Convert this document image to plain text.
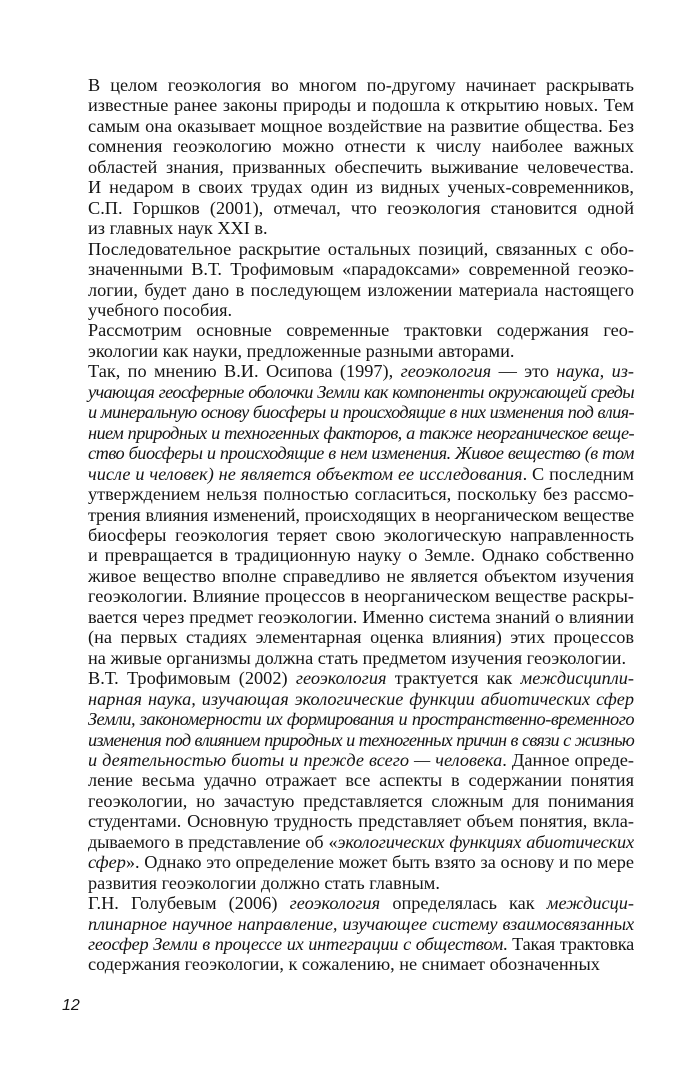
В целом геоэкология во многом по-другому начинает раскрывать
известные ранее законы природы и подошла к открытию новых. Тем
самым она оказывает мощное воздействие на развитие общества. Без
сомнения геоэкологию можно отнести к числу наиболее важных
областей знания, призванных обеспечить выживание человечества.
И недаром в своих трудах один из видных ученых-современников,
С.П. Горшков (2001), отмечал, что геоэкология становится одной
из главных наук XXI в.

Последовательное раскрытие остальных позиций, связанных с обо-
значенными В.Т. Трофимовым «парадоксами» современной геоэко-
логии, будет дано в последующем изложении материала настоящего
учебного пособия.

Рассмотрим основные современные трактовки содержания гео-
экологии как науки, предложенные разными авторами.

Так, по мнению В.И. Осипова (1997), геоэкология — это наука, из-
учающая геосферные оболочки Земли как компоненты окружающей среды
и минеральную основу биосферы и происходящие в них изменения под влия-
нием природных и техногенных факторов, а также неорганическое веще-
ство биосферы и происходящие в нем изменения. Живое вещество (в том
числе и человек) не является объектом ее исследования. С последним
утверждением нельзя полностью согласиться, поскольку без рассмо-
трения влияния изменений, происходящих в неорганическом веществе
биосферы геоэкология теряет свою экологическую направленность
и превращается в традиционную науку о Земле. Однако собственно
живое вещество вполне справедливо не является объектом изучения
геоэкологии. Влияние процессов в неорганическом веществе раскры-
вается через предмет геоэкологии. Именно система знаний о влиянии
(на первых стадиях элементарная оценка влияния) этих процессов
на живые организмы должна стать предметом изучения геоэкологии.

В.Т. Трофимовым (2002) геоэкология трактуется как междисципли-
нарная наука, изучающая экологические функции абиотических сфер
Земли, закономерности их формирования и пространственно-временного
изменения под влиянием природных и техногенных причин в связи с жизнью
и деятельностью биоты и прежде всего — человека. Данное опреде-
ление весьма удачно отражает все аспекты в содержании понятия
геоэкологии, но зачастую представляется сложным для понимания
студентами. Основную трудность представляет объем понятия, вкла-
дываемого в представление об «экологических функциях абиотических
сфер». Однако это определение может быть взято за основу и по мере
развития геоэкологии должно стать главным.

Г.Н. Голубевым (2006) геоэкология определялась как междисци-
плинарное научное направление, изучающее систему взаимосвязанных
геосфер Земли в процессе их интеграции с обществом. Такая трактовка
содержания геоэкологии, к сожалению, не снимает обозначенных

12
